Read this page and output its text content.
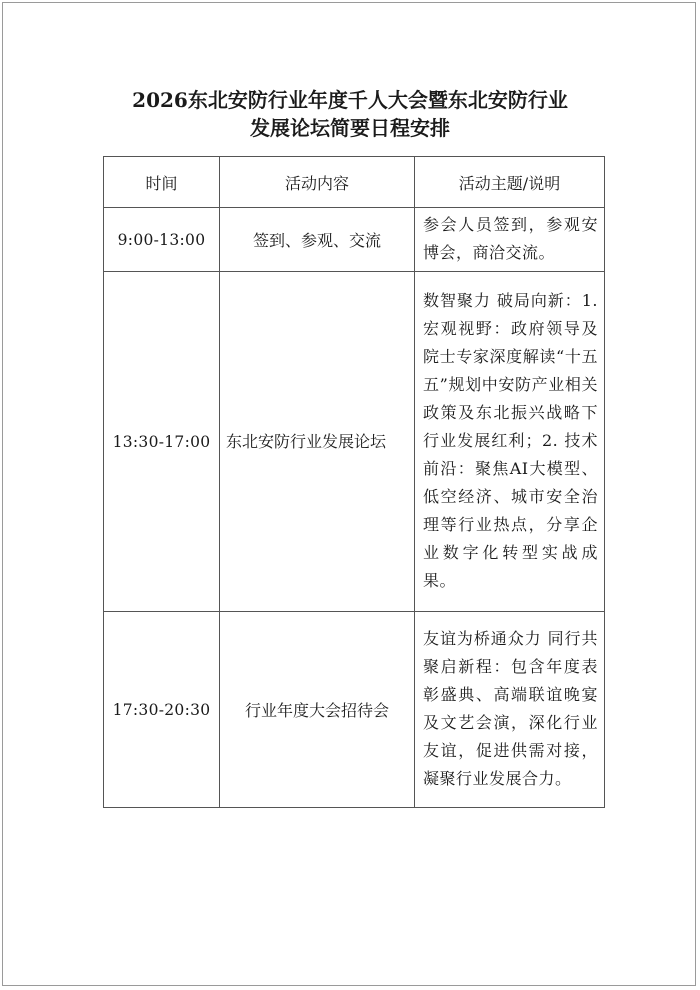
2026东北安防行业年度千人大会暨东北安防行业
发展论坛简要日程安排
时间	活动内容	活动主题/说明
9:00-13:00	签到、参观、交流	参会人员签到，参观安博会，商洽交流。
13:30-17:00	东北安防行业发展论坛	数智聚力 破局向新：1. 宏观视野：政府领导及院士专家深度解读“十五五”规划中安防产业相关政策及东北振兴战略下行业发展红利；2. 技术前沿：聚焦AI大模型、低空经济、城市安全治理等行业热点，分享企业数字化转型实战成果。
17:30-20:30	行业年度大会招待会	友谊为桥通众力 同行共聚启新程：包含年度表彰盛典、高端联谊晚宴及文艺会演，深化行业友谊，促进供需对接，凝聚行业发展合力。
